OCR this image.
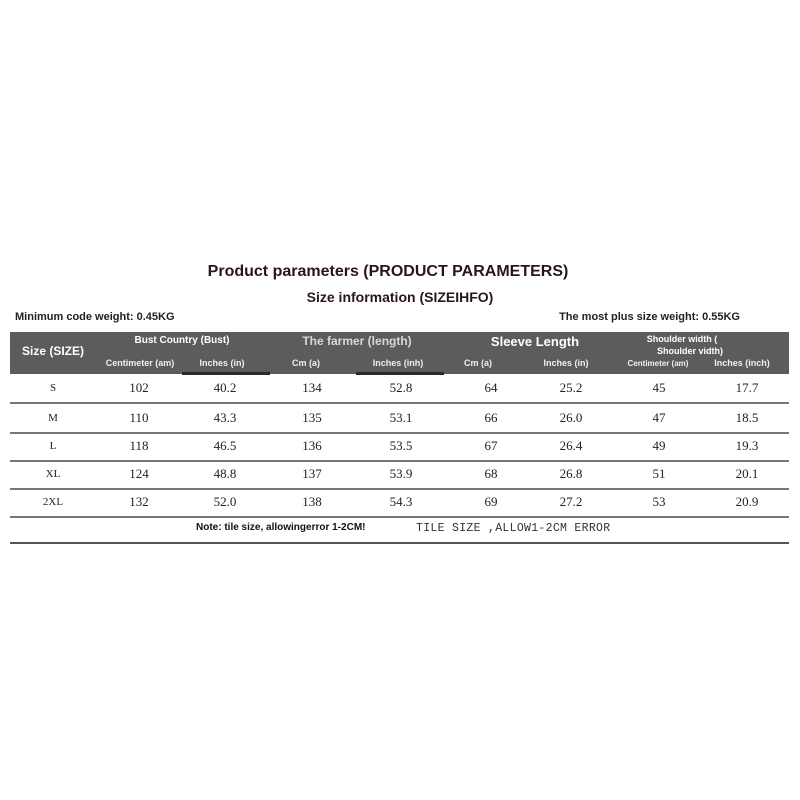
Product parameters (PRODUCT PARAMETERS)
Size information (SIZEIHFO)
Minimum code weight: 0.45KG	The most plus size weight: 0.55KG
Size (SIZE)
Bust Country (Bust)
Centimeter (am)	Inches (in)
The farmer (length)
Cm (a)	Inches (inh)
Sleeve Length
Cm (a)	Inches (in)
Shoulder width (
Shoulder vidth)
Centimeter (am)	Inches (inch)
S	102	40.2	134	52.8	64	25.2	45	17.7
M	110	43.3	135	53.1	66	26.0	47	18.5
L	118	46.5	136	53.5	67	26.4	49	19.3
XL	124	48.8	137	53.9	68	26.8	51	20.1
2XL	132	52.0	138	54.3	69	27.2	53	20.9
Note: tile size, allowingerror 1-2CM!	TILE SIZE ,ALLOW1-2CM ERROR
